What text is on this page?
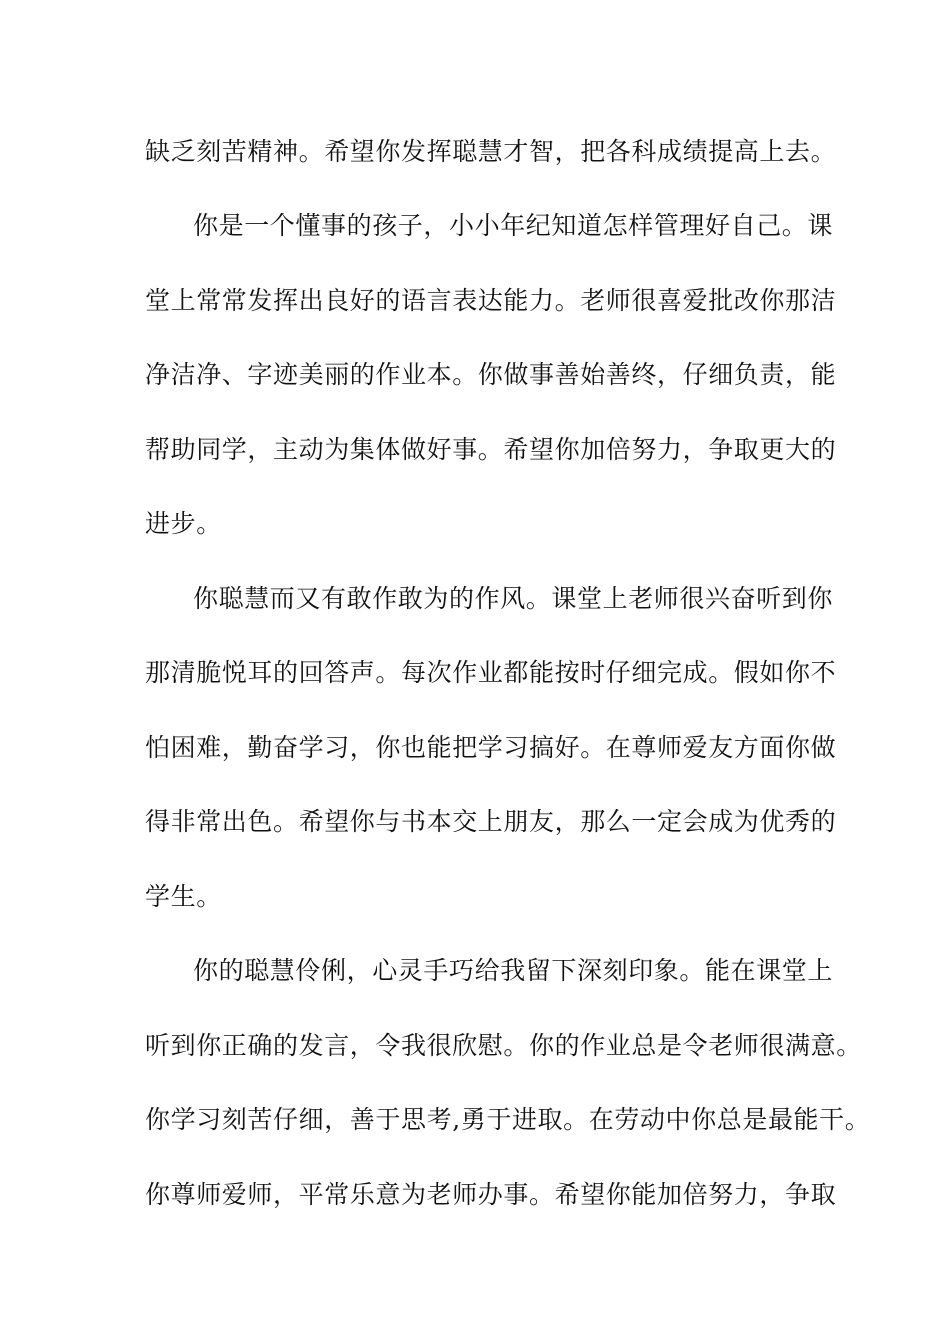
缺乏刻苦精神。希望你发挥聪慧才智，把各科成绩提高上去。
你是一个懂事的孩子，小小年纪知道怎样管理好自己。课
堂上常常发挥出良好的语言表达能力。老师很喜爱批改你那洁
净洁净、字迹美丽的作业本。你做事善始善终，仔细负责，能
帮助同学，主动为集体做好事。希望你加倍努力，争取更大的
进步。
你聪慧而又有敢作敢为的作风。课堂上老师很兴奋听到你
那清脆悦耳的回答声。每次作业都能按时仔细完成。假如你不
怕困难，勤奋学习，你也能把学习搞好。在尊师爱友方面你做
得非常出色。希望你与书本交上朋友，那么一定会成为优秀的
学生。
你的聪慧伶俐，心灵手巧给我留下深刻印象。能在课堂上
听到你正确的发言，令我很欣慰。你的作业总是令老师很满意。
你学习刻苦仔细，善于思考,勇于进取。在劳动中你总是最能干。
你尊师爱师，平常乐意为老师办事。希望你能加倍努力，争取
